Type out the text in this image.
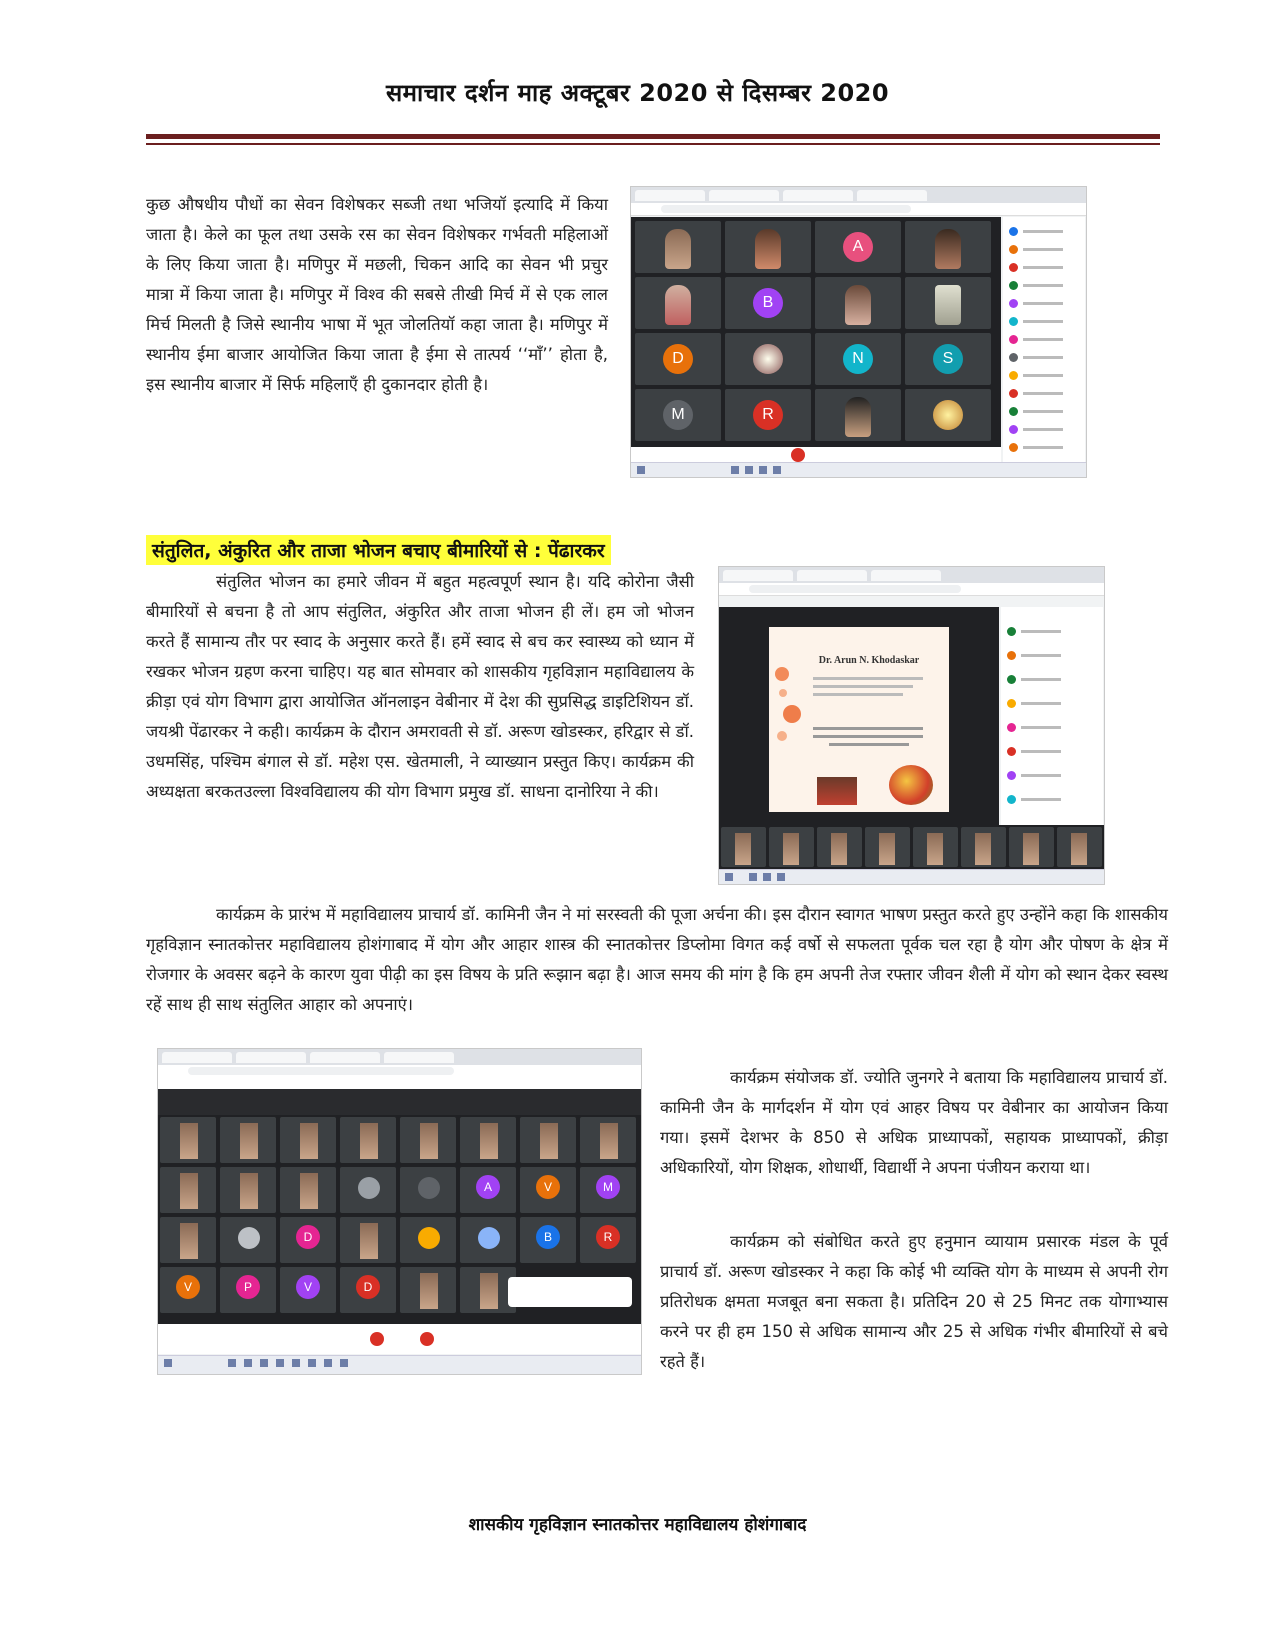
समाचार दर्शन माह अक्टूबर 2020 से दिसम्बर 2020

कुछ औषधीय पौधों का सेवन विशेषकर सब्जी तथा भजियॉ इत्यादि में किया जाता है। केले का फूल तथा उसके रस का सेवन विशेषकर गर्भवती महिलाओं के लिए किया जाता है। मणिपुर में मछली, चिकन आदि का सेवन भी प्रचुर मात्रा में किया जाता है। मणिपुर में विश्व की सबसे तीखी मिर्च में से एक लाल मिर्च मिलती है जिसे स्थानीय भाषा में भूत जोलतियॉ कहा जाता है। मणिपुर में स्थानीय ईमा बाजार आयोजित किया जाता है ईमा से तात्पर्य ‘‘मॉं’’ होता है, इस स्थानीय बाजार में सिर्फ महिलाएँ ही दुकानदार होती है।

A
B
D	N	S
M	R
संतुलित, अंकुरित और ताजा भोजन बचाए बीमारियों से : पेंढारकर

संतुलित भोजन का हमारे जीवन में बहुत महत्वपूर्ण स्थान है। यदि कोरोना जैसी बीमारियों से बचना है तो आप संतुलित, अंकुरित और ताजा भोजन ही लें। हम जो भोजन करते हैं सामान्य तौर पर स्वाद के अनुसार करते हैं। हमें स्वाद से बच कर स्वास्थ्य को ध्यान में रखकर भोजन ग्रहण करना चाहिए। यह बात सोमवार को शासकीय गृहविज्ञान महाविद्यालय के क्रीड़ा एवं योग विभाग द्वारा आयोजित ऑनलाइन वेबीनार में देश की सुप्रसिद्ध डाइटिशियन डॉ. जयश्री पेंढारकर ने कही। कार्यक्रम के दौरान अमरावती से डॉ. अरूण खोडस्कर, हरिद्वार से डॉ. उधमसिंह, पश्चिम बंगाल से डॉ. महेश एस. खेतमाली, ने व्याख्यान प्रस्तुत किए। कार्यक्रम की अध्यक्षता बरकतउल्ला विश्वविद्यालय की योग विभाग प्रमुख डॉ. साधना दानोरिया ने की।

Dr. Arun N. Khodaskar

कार्यक्रम के प्रारंभ में महाविद्यालय प्राचार्य डॉ. कामिनी जैन ने मां सरस्वती की पूजा अर्चना की। इस दौरान स्वागत भाषण प्रस्तुत करते हुए उन्होंने कहा कि शासकीय गृहविज्ञान स्नातकोत्तर महाविद्यालय होशंगाबाद में योग और आहार शास्त्र की स्नातकोत्तर डिप्लोमा विगत कई वर्षो से सफलता पूर्वक चल रहा है योग और पोषण के क्षेत्र में रोजगार के अवसर बढ़ने के कारण युवा पीढ़ी का इस विषय के प्रति रूझान बढ़ा है। आज समय की मांग है कि हम अपनी तेज रफ्तार जीवन शैली में योग को स्थान देकर स्वस्थ रहें साथ ही साथ संतुलित आहार को अपनाएं।

A	V	M
D	B	R
V	P	V	D

कार्यक्रम संयोजक डॉ. ज्योति जुनगरे ने बताया कि महाविद्यालय प्राचार्य डॉ. कामिनी जैन के मार्गदर्शन में योग एवं आहर विषय पर वेबीनार का आयोजन किया गया। इसमें देशभर के 850 से अधिक प्राध्यापकों, सहायक प्राध्यापकों, क्रीड़ा अधिकारियों, योग शिक्षक, शोधार्थी, विद्यार्थी ने अपना पंजीयन कराया था।

कार्यक्रम को संबोधित करते हुए हनुमान व्यायाम प्रसारक मंडल के पूर्व प्राचार्य डॉ. अरूण खोडस्कर ने कहा कि कोई भी व्यक्ति योग के माध्यम से अपनी रोग प्रतिरोधक क्षमता मजबूत बना सकता है। प्रतिदिन 20 से 25 मिनट तक योगाभ्यास करने पर ही हम 150 से अधिक सामान्य और 25 से अधिक गंभीर बीमारियों से बचे रहते हैं।

शासकीय गृहविज्ञान स्नातकोत्तर महाविद्यालय होशंगाबाद
